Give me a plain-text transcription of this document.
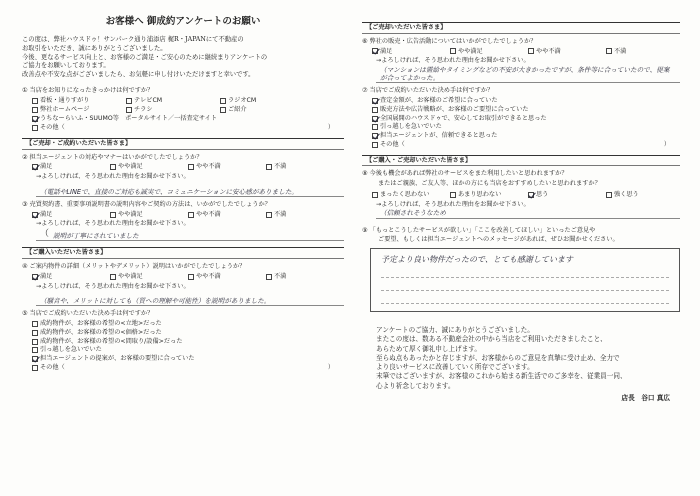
お客様へ 御成約アンケートのお願い

この度は、弊社ハウスドゥ！サンパーク通り浦添店 梶R・JAPANにて不動産の

お取引をいただき、誠にありがとうございました。

今後、更なるサービス向上と、お客様のご満足・ご安心のために継続まりアンケートの

ご協力をお願いしております。

改善点や不安な点がございましたら、お気軽に申し付けいただけますと幸いです。

① 当店をお知りになったきっかけは何ですか？
看板・通りすがり	テレビCM	ラジオCM
弊社ホームページ	チラシ	ご紹介
うちなーらいふ・SUUMO等　ポータルサイト／一括査定サイト
その他（	）
【ご売却・ご成約いただいた皆さま】
② 担当エージェントの対応やマナーはいかがでしたでしょうか？
満足	やや満足	やや不満	不満
→よろしければ、そう思われた理由をお聞かせ下さい。
（電話やLINEで、直接のご対応も誠実で、コミュニケーションに安心感がありました。
③ 売買契約書、重要事項説明書の説明内容やご契約の方法は、いかがでしたでしょうか？
満足	やや満足	やや不満	不満
→よろしければ、そう思われた理由をお聞かせ下さい。
（ 説明が丁寧にされていました
【ご購入いただいた皆さま】
④ ご案内物件の詳細（メリットやデメリット）説明はいかがでしたでしょうか？
満足	やや満足	やや不満	不満
→よろしければ、そう思われた理由をお聞かせ下さい。
（騒音や、メリットに対しても（質への理解や可能性）を説明がありました。
⑤ 当店でご成約いただいた決め手は何ですか？
成約物件が、お客様の希望の<立地>だった
成約物件が、お客様の希望の<価格>だった
成約物件が、お客様の希望の<間取り/設備>だった
引っ越しを急いでいた
担当エージェントの提案が、お客様の要望に合っていた
その他（	）
【ご売却いただいた皆さま】
⑥ 弊社の販売・広告活動についてはいかがでしたでしょうか？
満足	やや満足	やや不満	不満
→よろしければ、そう思われた理由をお聞かせ下さい。
（マンションは需給やタイミングなどの不安が大きかったですが、条件等に合っていたので、提案が合ってよかった。
⑦ 当店でご成約いただいた決め手は何ですか？
査定金額が、お客様のご希望に合っていた
販売方法や広告戦略が、お客様のご要望に合っていた
全国展開のハウスドゥで、安心してお取引ができると思った
引っ越しを急いでいた
担当エージェントが、信頼できると思った
その他（	）
【ご購入・ご売却いただいた皆さま】
⑧ 今後も機会があれば弊社のサービスをまた利用したいと思われますか？
またはご親族、ご友人等、ほかの方にも当店をおすすめしたいと思われますか？
まったく思わない	あまり思わない	思う	強く思う
→よろしければ、そう思われた理由をお聞かせ下さい。
（信頼されそうなため
⑨ 「もっとこうしたサービスが欲しい」「ここを改善してほしい」といったご意見や
ご要望、もしくは担当エージェントへのメッセージがあれば、ぜひお聞かせください。
予定より良い物件だったので、とても感謝しています

アンケートのご協力、誠にありがとうございました。

またこの度は、数ある不動産会社の中から当店をご利用いただきましたこと、

あらためて厚く御礼申し上げます。

至らぬ点もあったかと存じますが、お客様からのご意見を真摯に受け止め、全力で

より良いサービスに改善していく所存でございます。

末筆ではございますが、お客様のこれから始まる新生活でのご多幸を、従業員一同、

心より祈念しております。

店長　谷口 真広
